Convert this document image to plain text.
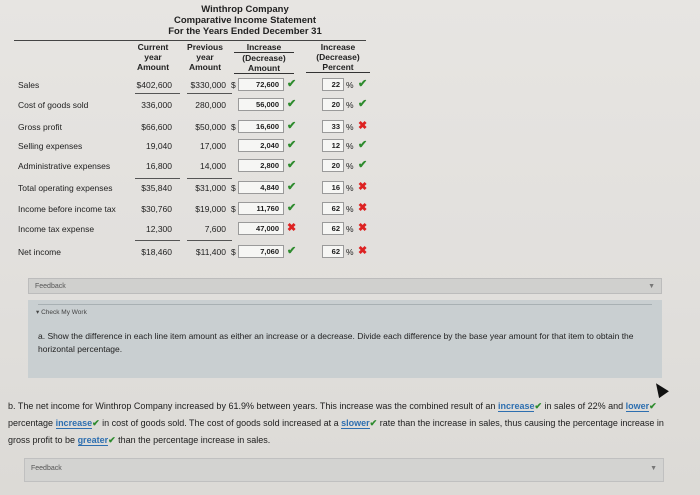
Winthrop Company
Comparative Income Statement
For the Years Ended December 31
Current
year
Amount
Previous
year
Amount
Increase
(Decrease)
Amount
Increase
(Decrease)
Percent
Sales	$402,600	$330,000 $	72,600 ✔	22 % ✔
Cost of goods sold	336,000	280,000	56,000 ✔	20 % ✔
Gross profit	$66,600	$50,000 $	16,600 ✔	33 % ✖
Selling expenses	19,040	17,000	2,040 ✔	12 % ✔
Administrative expenses	16,800	14,000	2,800 ✔	20 % ✔
Total operating expenses	$35,840	$31,000 $	4,840 ✔	16 % ✖
Income before income tax	$30,760	$19,000 $	11,760 ✔	62 % ✖
Income tax expense	12,300	7,600	47,000 ✖	62 % ✖
Net income	$18,460	$11,400 $	7,060 ✔	62 % ✖
Feedback	▼
▾ Check My Work
a. Show the difference in each line item amount as either an increase or a decrease. Divide each difference by the base year amount for that item to obtain the horizontal percentage.
b. The net income for Winthrop Company increased by 61.9% between years. This increase was the combined result of an increase✔ in sales of 22% and lower✔ percentage increase✔ in cost of goods sold. The cost of goods sold increased at a slower✔ rate than the increase in sales, thus causing the percentage increase in gross profit to be greater✔ than the percentage increase in sales.
Feedback	▼
